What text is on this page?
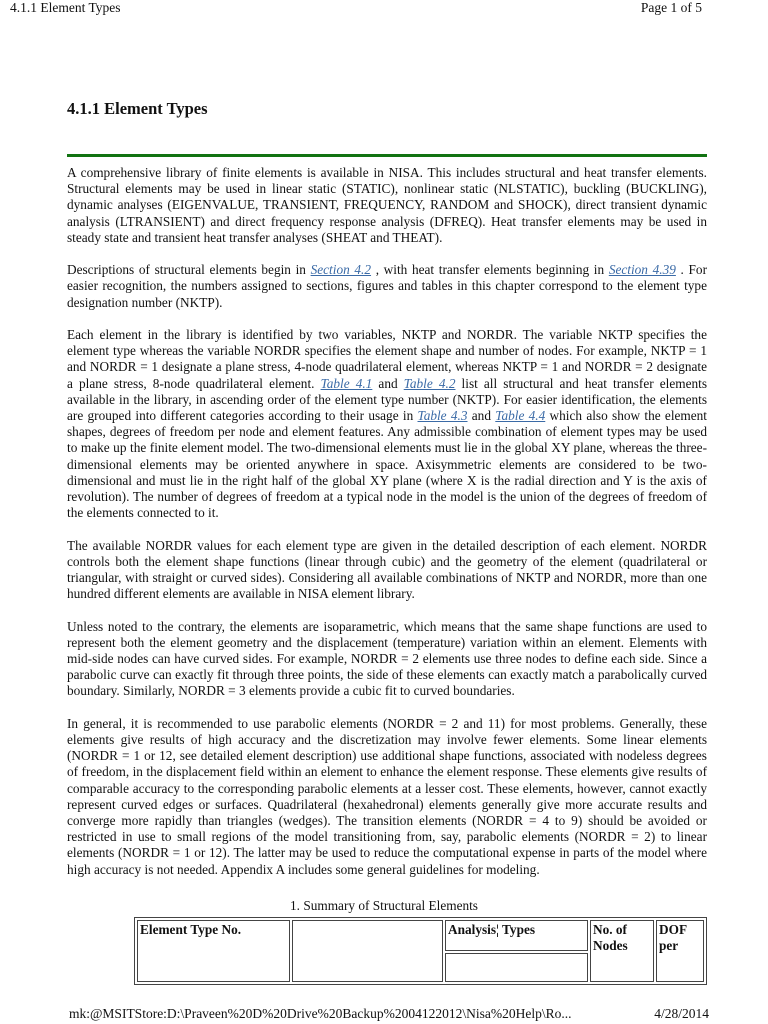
4.1.1 Element Types	Page 1 of 5
4.1.1 Element Types

A comprehensive library of finite elements is available in NISA. This includes structural and heat transfer elements. Structural elements may be used in linear static (STATIC), nonlinear static (NLSTATIC), buckling (BUCKLING), dynamic analyses (EIGENVALUE, TRANSIENT, FREQUENCY, RANDOM and SHOCK), direct transient dynamic analysis (LTRANSIENT) and direct frequency response analysis (DFREQ). Heat transfer elements may be used in steady state and transient heat transfer analyses (SHEAT and THEAT).

Descriptions of structural elements begin in Section 4.2 , with heat transfer elements beginning in Section 4.39 . For easier recognition, the numbers assigned to sections, figures and tables in this chapter correspond to the element type designation number (NKTP).

Each element in the library is identified by two variables, NKTP and NORDR. The variable NKTP specifies the element type whereas the variable NORDR specifies the element shape and number of nodes. For example, NKTP = 1 and NORDR = 1 designate a plane stress, 4-node quadrilateral element, whereas NKTP = 1 and NORDR = 2 designate a plane stress, 8-node quadrilateral element. Table 4.1 and Table 4.2 list all structural and heat transfer elements available in the library, in ascending order of the element type number (NKTP). For easier identification, the elements are grouped into different categories according to their usage in Table 4.3 and Table 4.4 which also show the element shapes, degrees of freedom per node and element features. Any admissible combination of element types may be used to make up the finite element model. The two-dimensional elements must lie in the global XY plane, whereas the three-dimensional elements may be oriented anywhere in space. Axisymmetric elements are considered to be two-dimensional and must lie in the right half of the global XY plane (where X is the radial direction and Y is the axis of revolution). The number of degrees of freedom at a typical node in the model is the union of the degrees of freedom of the elements connected to it.

The available NORDR values for each element type are given in the detailed description of each element. NORDR controls both the element shape functions (linear through cubic) and the geometry of the element (quadrilateral or triangular, with straight or curved sides). Considering all available combinations of NKTP and NORDR, more than one hundred different elements are available in NISA element library.

Unless noted to the contrary, the elements are isoparametric, which means that the same shape functions are used to represent both the element geometry and the displacement (temperature) variation within an element. Elements with mid-side nodes can have curved sides. For example, NORDR = 2 elements use three nodes to define each side. Since a parabolic curve can exactly fit through three points, the side of these elements can exactly match a parabolically curved boundary. Similarly, NORDR = 3 elements provide a cubic fit to curved boundaries.

In general, it is recommended to use parabolic elements (NORDR = 2 and 11) for most problems. Generally, these elements give results of high accuracy and the discretization may involve fewer elements. Some linear elements (NORDR = 1 or 12, see detailed element description) use additional shape functions, associated with nodeless degrees of freedom, in the displacement field within an element to enhance the element response. These elements give results of comparable accuracy to the corresponding parabolic elements at a lesser cost. These elements, however, cannot exactly represent curved edges or surfaces. Quadrilateral (hexahedronal) elements generally give more accurate results and converge more rapidly than triangles (wedges). The transition elements (NORDR = 4 to 9) should be avoided or restricted in use to small regions of the model transitioning from, say, parabolic elements (NORDR = 2) to linear elements (NORDR = 1 or 12). The latter may be used to reduce the computational expense in parts of the model where high accuracy is not needed. Appendix A includes some general guidelines for modeling.

1. Summary of Structural Elements
Element Type No.		Analysis¦ Types	No. of Nodes	DOF per

mk:@MSITStore:D:\Praveen%20D%20Drive%20Backup%2004122012\Nisa%20Help\Ro...	4/28/2014
